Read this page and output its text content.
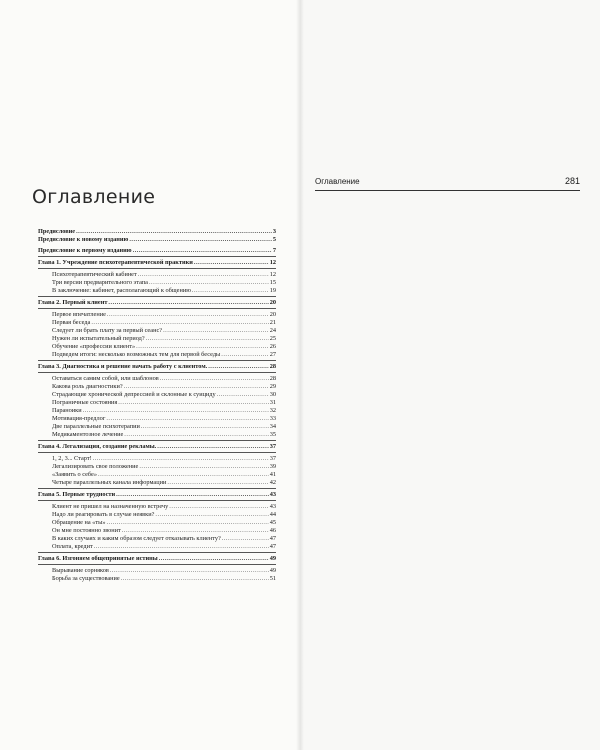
Оглавление
Предисловие .....	3
Предисловие к новому изданию .....	5
Предисловие к первому изданию .....	7
Глава 1. Учреждение психотерапевтической практики .....	12
Психотерапевтический кабинет .....	12
Три версии предварительного этапа .....	15
В заключение: кабинет, располагающий к общению .....	19
Глава 2. Первый клиент .....	20
Первое впечатление .....	20
Первая беседа .....	21
Следует ли брать плату за первый сеанс? .....	24
Нужен ли испытательный период? .....	25
Обучение «профессии клиент» .....	26
Подведем итоги: несколько возможных тем для первой беседы .....	27
Глава 3. Диагностика и решение начать работу с клиентом. .....	28
Оставаться самим собой, или шаблонов .....	28
Какова роль диагностики? .....	29
Страдающие хронической депрессией и склонные к суициду .....	30
Пограничные состояния .....	31
Параноики .....	32
Мотивация-предлог .....	33
Две параллельные психотерапии .....	34
Медикаментозное лечение .....	35
Глава 4. Легализация, создание рекламы. .....	37
1, 2, 3... Старт! .....	37
Легализировать свое положение .....	39
«Заявить о себе» .....	41
Четыре параллельных канала информации .....	42
Глава 5. Первые трудности .....	43
Клиент не пришел на назначенную встречу .....	43
Надо ли реагировать в случае неявки? .....	44
Обращение на «ты» .....	45
Он мне постоянно звонит .....	46
В каких случаях и каким образом следует отказывать клиенту? .....	47
Оплата, кредит .....	47
Глава 6. Изгоняем общепринятые истины .....	49
Вырывание сорняков .....	49
Борьба за существование .....	51
Оглавление	281
